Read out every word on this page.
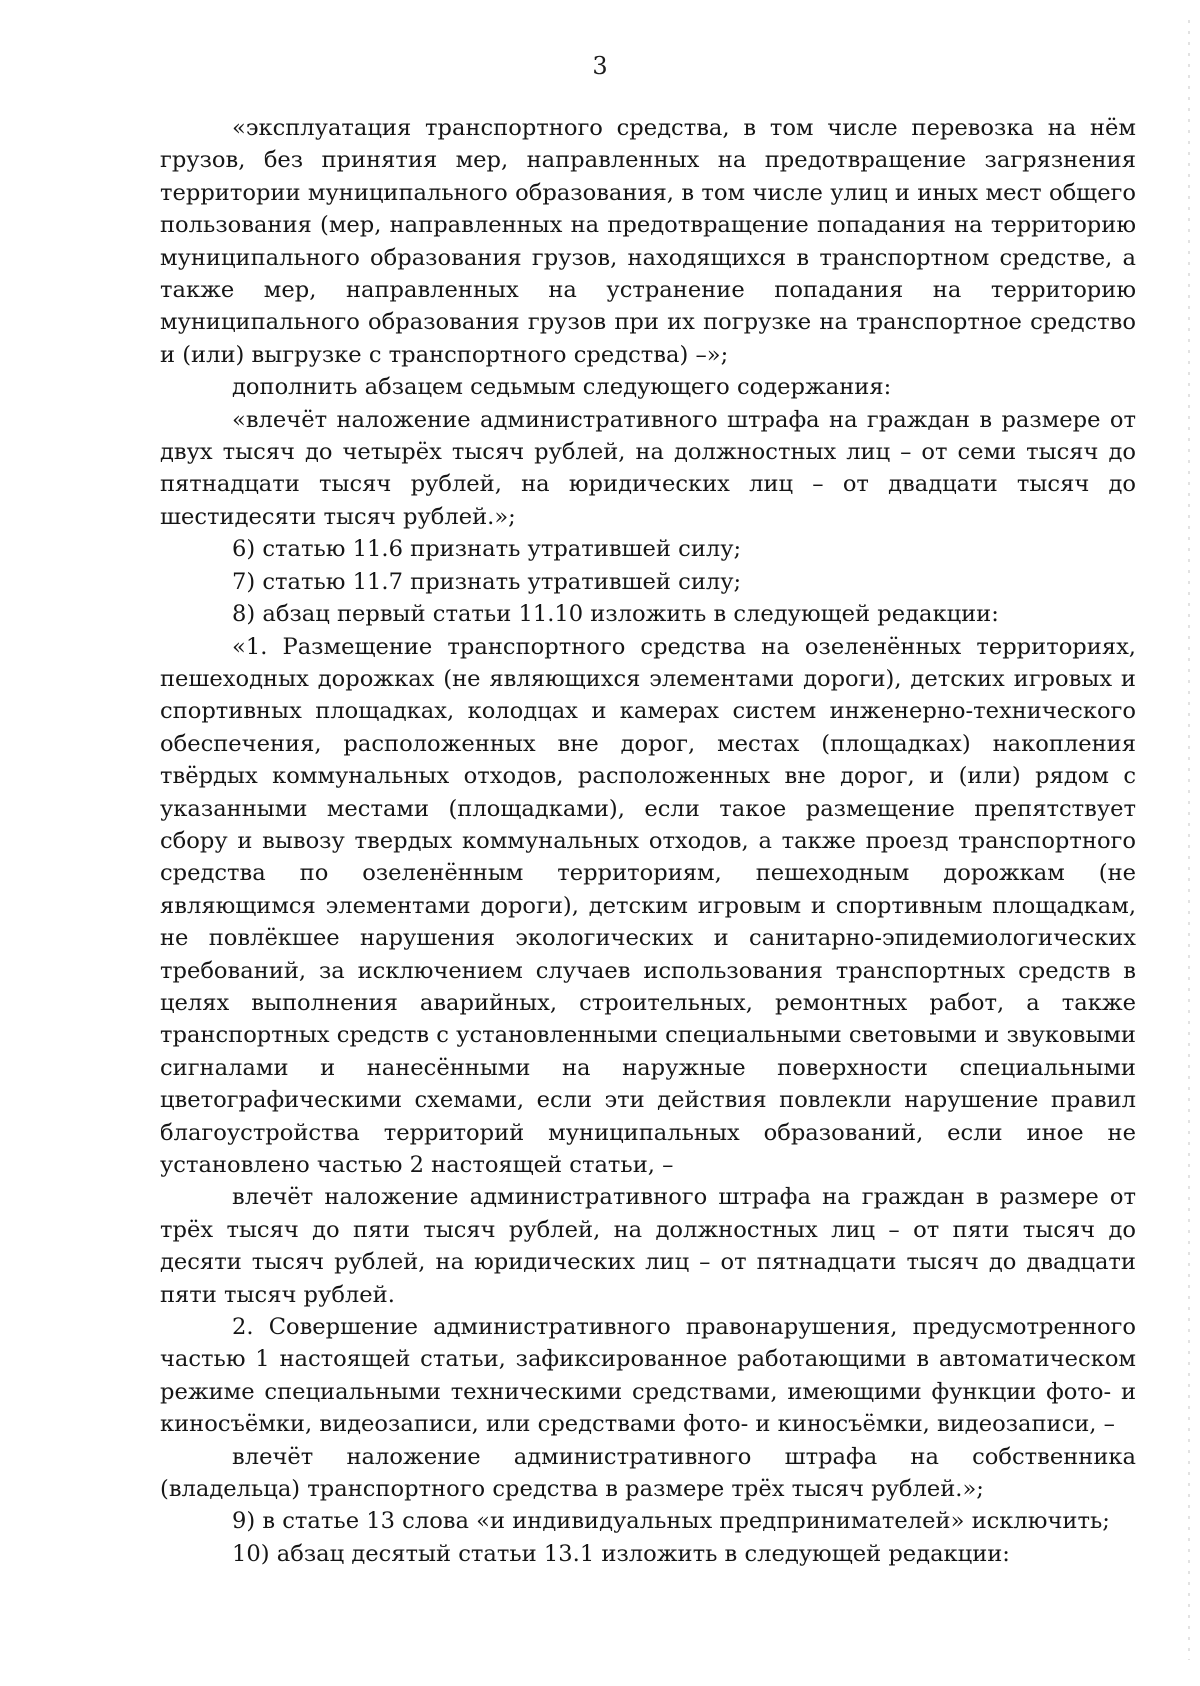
3

«эксплуатация транспортного средства, в том числе перевозка на нём грузов, без принятия мер, направленных на предотвращение загрязнения территории муниципального образования, в том числе улиц и иных мест общего пользования (мер, направленных на предотвращение попадания на территорию муниципального образования грузов, находящихся в транспортном средстве, а также мер, направленных на устранение попадания на территорию муниципального образования грузов при их погрузке на транспортное средство и (или) выгрузке с транспортного средства) –»;

дополнить абзацем седьмым следующего содержания:

«влечёт наложение административного штрафа на граждан в размере от двух тысяч до четырёх тысяч рублей, на должностных лиц – от семи тысяч до пятнадцати тысяч рублей, на юридических лиц – от двадцати тысяч до шестидесяти тысяч рублей.»;

6) статью 11.6 признать утратившей силу;

7) статью 11.7 признать утратившей силу;

8) абзац первый статьи 11.10 изложить в следующей редакции:

«1. Размещение транспортного средства на озеленённых территориях, пешеходных дорожках (не являющихся элементами дороги), детских игровых и спортивных площадках, колодцах и камерах систем инженерно-технического обеспечения, расположенных вне дорог, местах (площадках) накопления твёрдых коммунальных отходов, расположенных вне дорог, и (или) рядом с указанными местами (площадками), если такое размещение препятствует сбору и вывозу твердых коммунальных отходов, а также проезд транспортного средства по озеленённым территориям, пешеходным дорожкам (не являющимся элементами дороги), детским игровым и спортивным площадкам, не повлёкшее нарушения экологических и санитарно-эпидемиологических требований, за исключением случаев использования транспортных средств в целях выполнения аварийных, строительных, ремонтных работ, а также транспортных средств с установленными специальными световыми и звуковыми сигналами и нанесёнными на наружные поверхности специальными цветографическими схемами, если эти действия повлекли нарушение правил благоустройства территорий муниципальных образований, если иное не установлено частью 2 настоящей статьи, –

влечёт наложение административного штрафа на граждан в размере от трёх тысяч до пяти тысяч рублей, на должностных лиц – от пяти тысяч до десяти тысяч рублей, на юридических лиц – от пятнадцати тысяч до двадцати пяти тысяч рублей.

2. Совершение административного правонарушения, предусмотренного частью 1 настоящей статьи, зафиксированное работающими в автоматическом режиме специальными техническими средствами, имеющими функции фото- и киносъёмки, видеозаписи, или средствами фото- и киносъёмки, видеозаписи, –

влечёт наложение административного штрафа на собственника (владельца) транспортного средства в размере трёх тысяч рублей.»;

9) в статье 13 слова «и индивидуальных предпринимателей» исключить;

10) абзац десятый статьи 13.1 изложить в следующей редакции:
